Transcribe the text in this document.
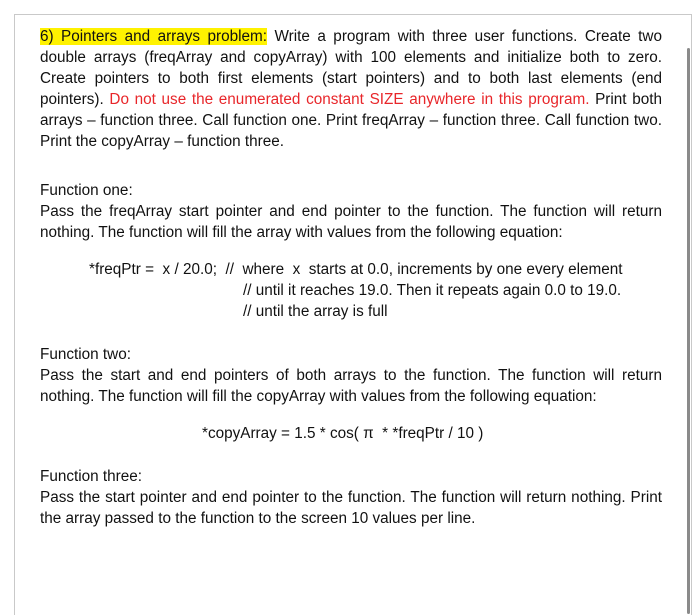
6) Pointers and arrays problem: Write a program with three user functions. Create two double arrays (freqArray and copyArray) with 100 elements and initialize both to zero. Create pointers to both first elements (start pointers) and to both last elements (end pointers). Do not use the enumerated constant SIZE anywhere in this program. Print both arrays – function three. Call function one. Print freqArray – function three. Call function two. Print the copyArray – function three.

Function one:

Pass the freqArray start pointer and end pointer to the function. The function will return nothing. The function will fill the array with values from the following equation:

*freqPtr =  x / 20.0;  //  where  x  starts at 0.0, increments by one every element
// until it reaches 19.0. Then it repeats again 0.0 to 19.0.
// until the array is full

Function two:

Pass the start and end pointers of both arrays to the function. The function will return nothing. The function will fill the copyArray with values from the following equation:

*copyArray = 1.5 * cos( π  * *freqPtr / 10 )

Function three:

Pass the start pointer and end pointer to the function. The function will return nothing. Print the array passed to the function to the screen 10 values per line.
